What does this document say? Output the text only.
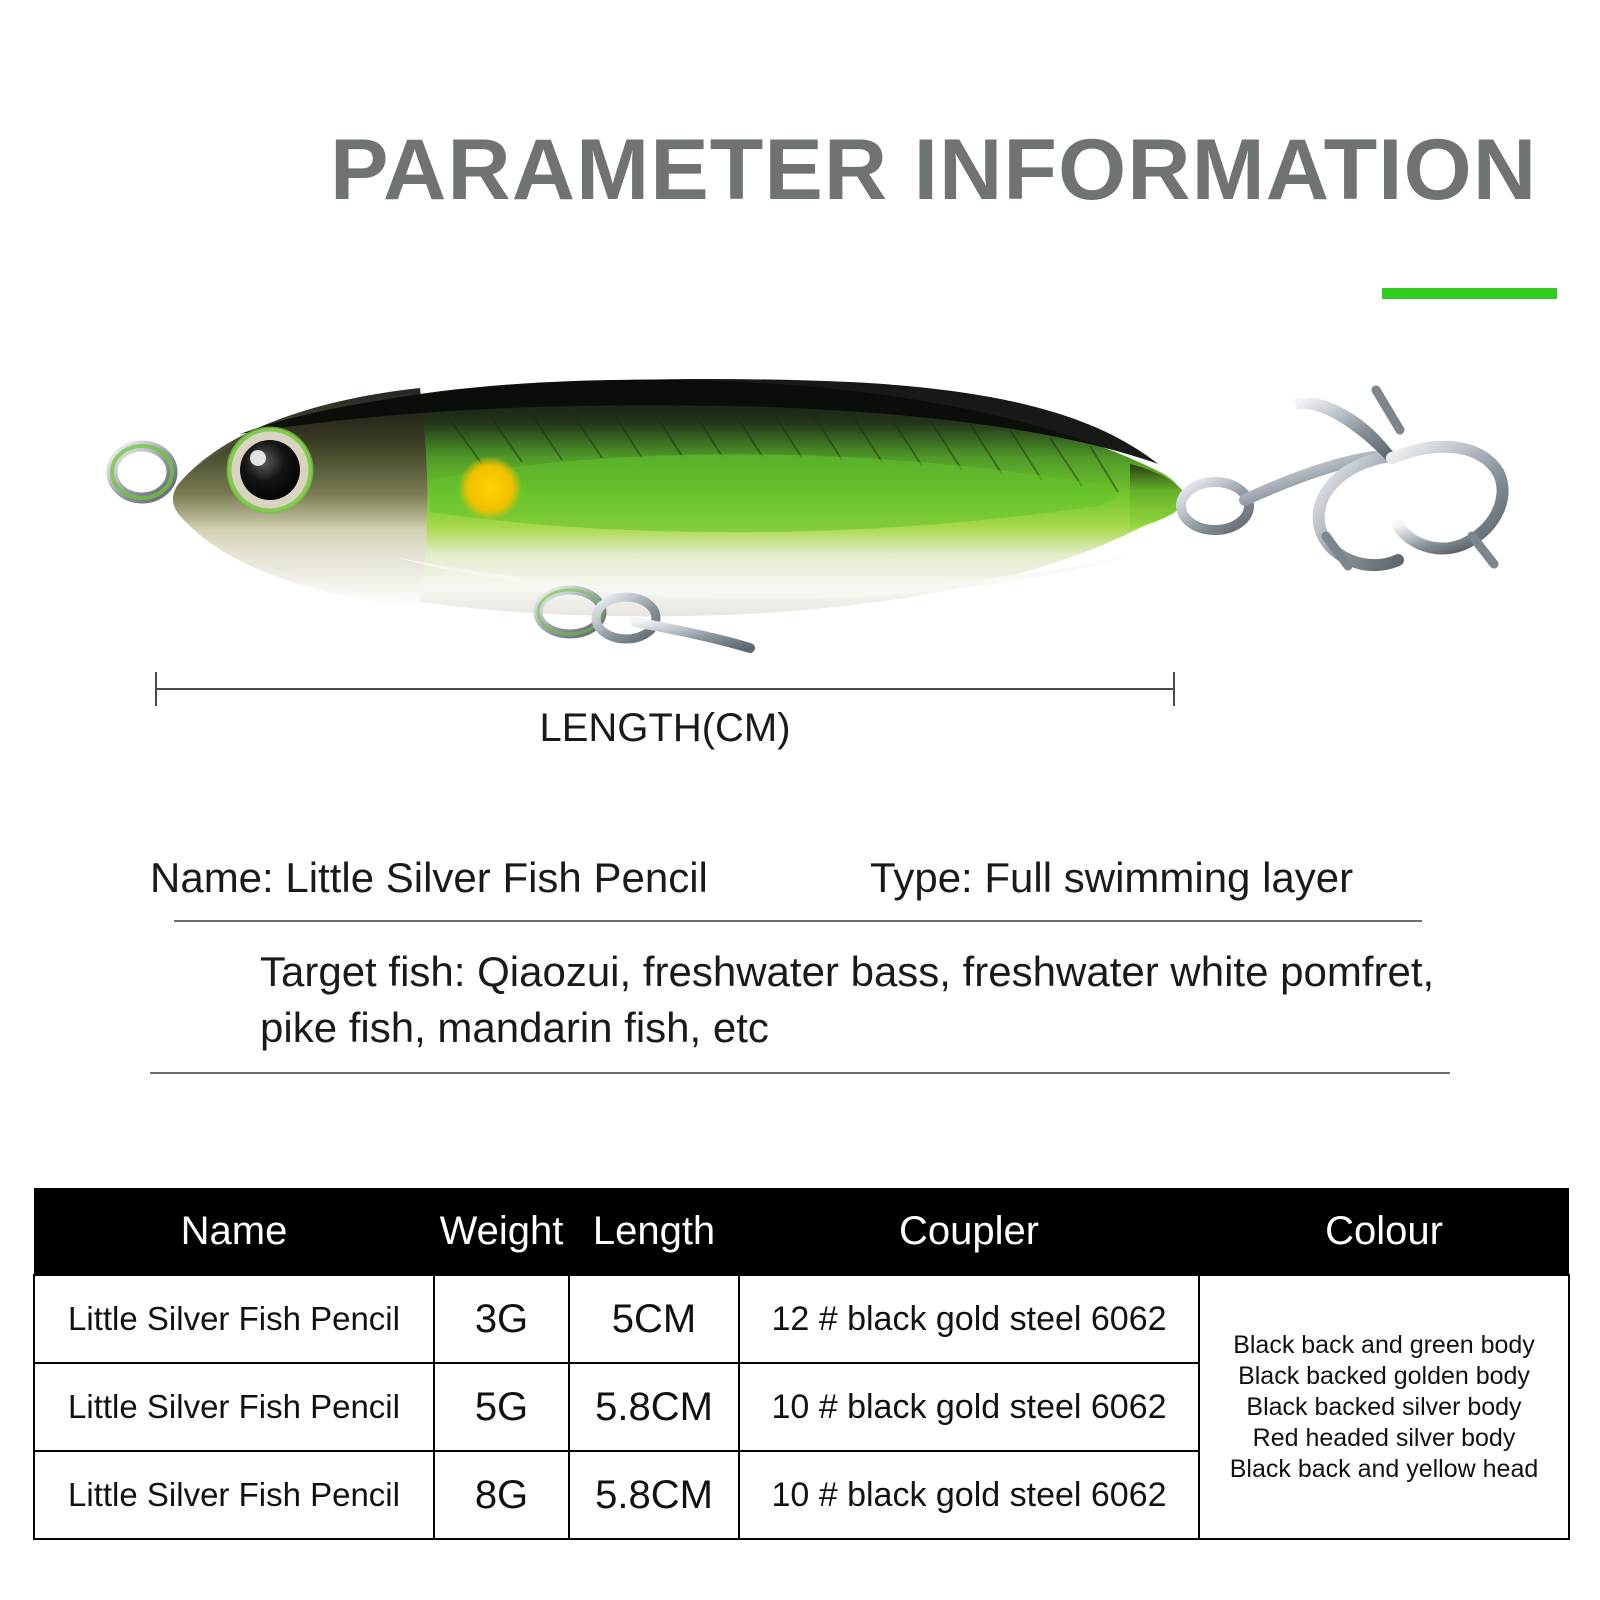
PARAMETER INFORMATION
LENGTH(CM)
Name: Little Silver Fish Pencil	Type: Full swimming layer
Target fish: Qiaozui, freshwater bass, freshwater white pomfret, pike fish, mandarin fish, etc
Name	Weight	Length	Coupler	Colour
Little Silver Fish Pencil	3G	5CM	12 # black gold steel 6062	Black back and green body
Black backed golden body
Black backed silver body
Red headed silver body
Black back and yellow head

Little Silver Fish Pencil	5G	5.8CM	10 # black gold steel 6062	
Little Silver Fish Pencil	8G	5.8CM	10 # black gold steel 6062	
